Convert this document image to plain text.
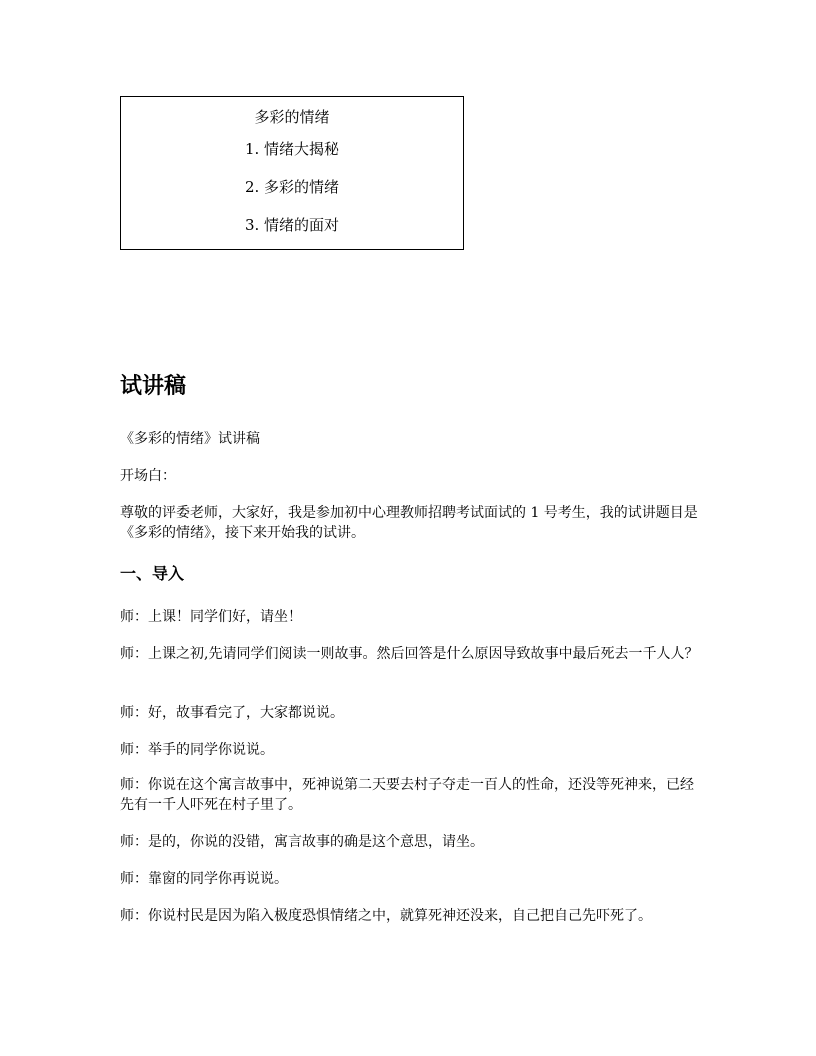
多彩的情绪
1. 情绪大揭秘
2. 多彩的情绪
3. 情绪的面对
试讲稿

《多彩的情绪》试讲稿

开场白：

尊敬的评委老师，大家好，我是参加初中心理教师招聘考试面试的 1 号考生，我的试讲题目是《多彩的情绪》，接下来开始我的试讲。

一、导入

师：上课！同学们好，请坐！

师：上课之初,先请同学们阅读一则故事。然后回答是什么原因导致故事中最后死去一千人人？

师：好，故事看完了，大家都说说。

师：举手的同学你说说。

师：你说在这个寓言故事中，死神说第二天要去村子夺走一百人的性命，还没等死神来，已经先有一千人吓死在村子里了。

师：是的，你说的没错，寓言故事的确是这个意思，请坐。

师：靠窗的同学你再说说。

师：你说村民是因为陷入极度恐惧情绪之中，就算死神还没来，自己把自己先吓死了。
